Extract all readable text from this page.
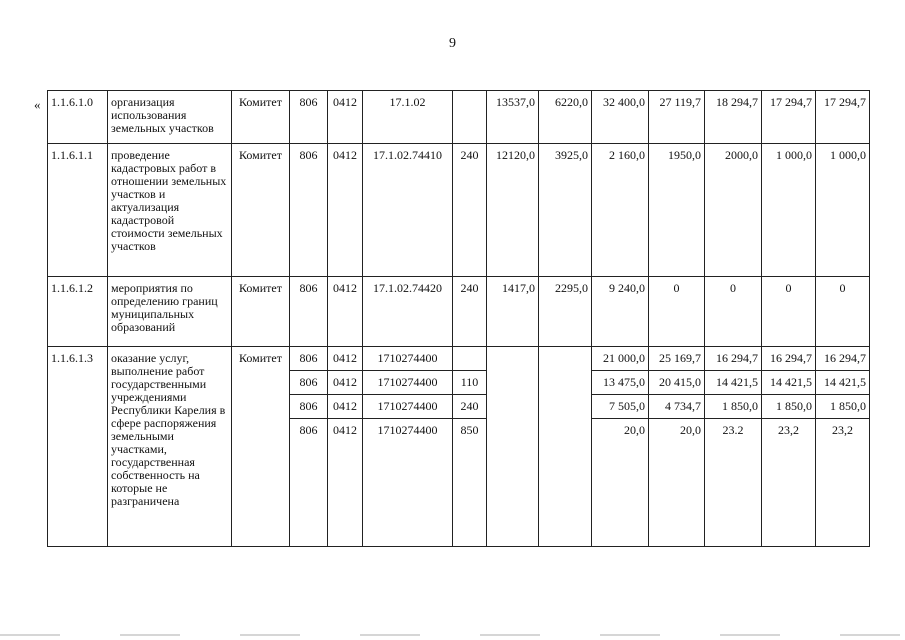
9
« 1.1.6.1.0	организация использования земельных участков	Комитет	806	0412	17.1.02		13537,0	6220,0	32 400,0	27 119,7	18 294,7	17 294,7	17 294,7
1.1.6.1.1	проведение кадастровых работ в отношении земельных участков и актуализация кадастровой стоимости земельных участков	Комитет	806	0412	17.1.02.74410	240	12120,0	3925,0	2 160,0	1950,0	2000,0	1 000,0	1 000,0
1.1.6.1.2	мероприятия по определению границ муниципальных образований	Комитет	806	0412	17.1.02.74420	240	1417,0	2295,0	9 240,0	0	0	0	0
1.1.6.1.3	оказание услуг, выполнение работ государственными учреждениями Республики Карелия в сфере распоряжения земельными участками, государственная собственность на которые не разграничена	Комитет	806	0412	1710274400				21 000,0	25 169,7	16 294,7	16 294,7	16 294,7
			806	0412	1710274400	110			13 475,0	20 415,0	14 421,5	14 421,5	14 421,5
			806	0412	1710274400	240			7 505,0	4 734,7	1 850,0	1 850,0	1 850,0
			806	0412	1710274400	850			20,0	20,0	23.2	23,2	23,2
